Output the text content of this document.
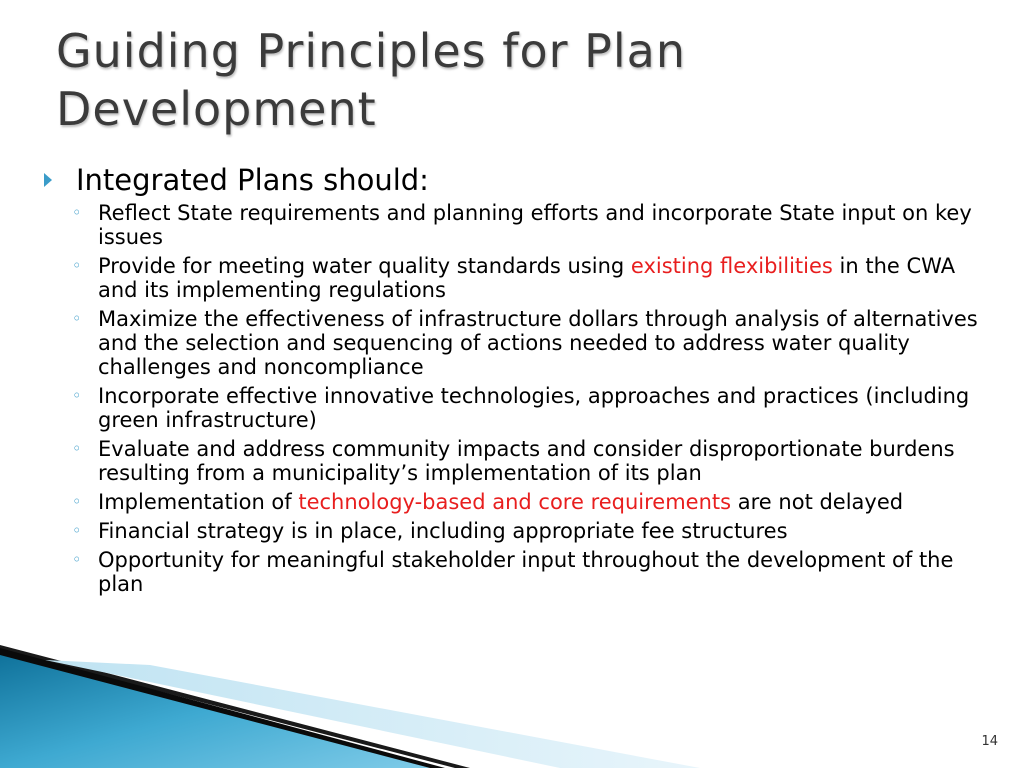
Guiding Principles for Plan
Development
Integrated Plans should:
◦ Reflect State requirements and planning efforts and incorporate State input on key issues
◦ Provide for meeting water quality standards using existing flexibilities in the CWA and its implementing regulations
◦ Maximize the effectiveness of infrastructure dollars through analysis of alternatives and the selection and sequencing of actions needed to address water quality challenges and noncompliance
◦ Incorporate effective innovative technologies, approaches and practices (including green infrastructure)
◦ Evaluate and address community impacts and consider disproportionate burdens resulting from a municipality’s implementation of its plan
◦ Implementation of technology-based and core requirements are not delayed
◦ Financial strategy is in place, including appropriate fee structures
◦ Opportunity for meaningful stakeholder input throughout the development of the plan
14
